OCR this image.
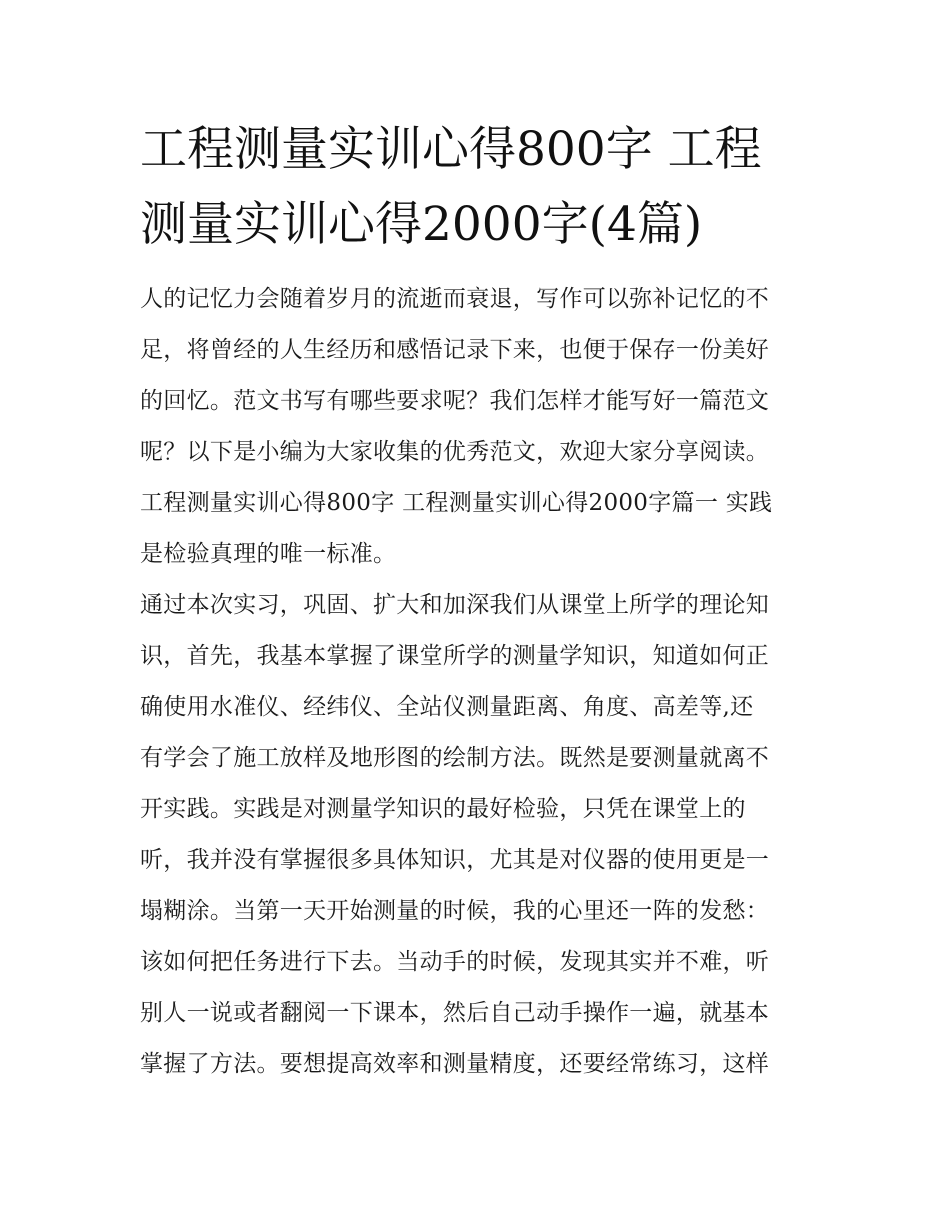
工程测量实训心得800字 工程
测量实训心得2000字(4篇)
人的记忆力会随着岁月的流逝而衰退，写作可以弥补记忆的不
足，将曾经的人生经历和感悟记录下来，也便于保存一份美好
的回忆。范文书写有哪些要求呢？我们怎样才能写好一篇范文
呢？以下是小编为大家收集的优秀范文，欢迎大家分享阅读。
工程测量实训心得800字 工程测量实训心得2000字篇一 实践
是检验真理的唯一标准。
通过本次实习，巩固、扩大和加深我们从课堂上所学的理论知
识，首先，我基本掌握了课堂所学的测量学知识，知道如何正
确使用水准仪、经纬仪、全站仪测量距离、角度、高差等,还
有学会了施工放样及地形图的绘制方法。既然是要测量就离不
开实践。实践是对测量学知识的最好检验，只凭在课堂上的
听，我并没有掌握很多具体知识，尤其是对仪器的使用更是一
塌糊涂。当第一天开始测量的时候，我的心里还一阵的发愁：
该如何把任务进行下去。当动手的时候，发现其实并不难，听
别人一说或者翻阅一下课本，然后自己动手操作一遍，就基本
掌握了方法。要想提高效率和测量精度，还要经常练习，这样
